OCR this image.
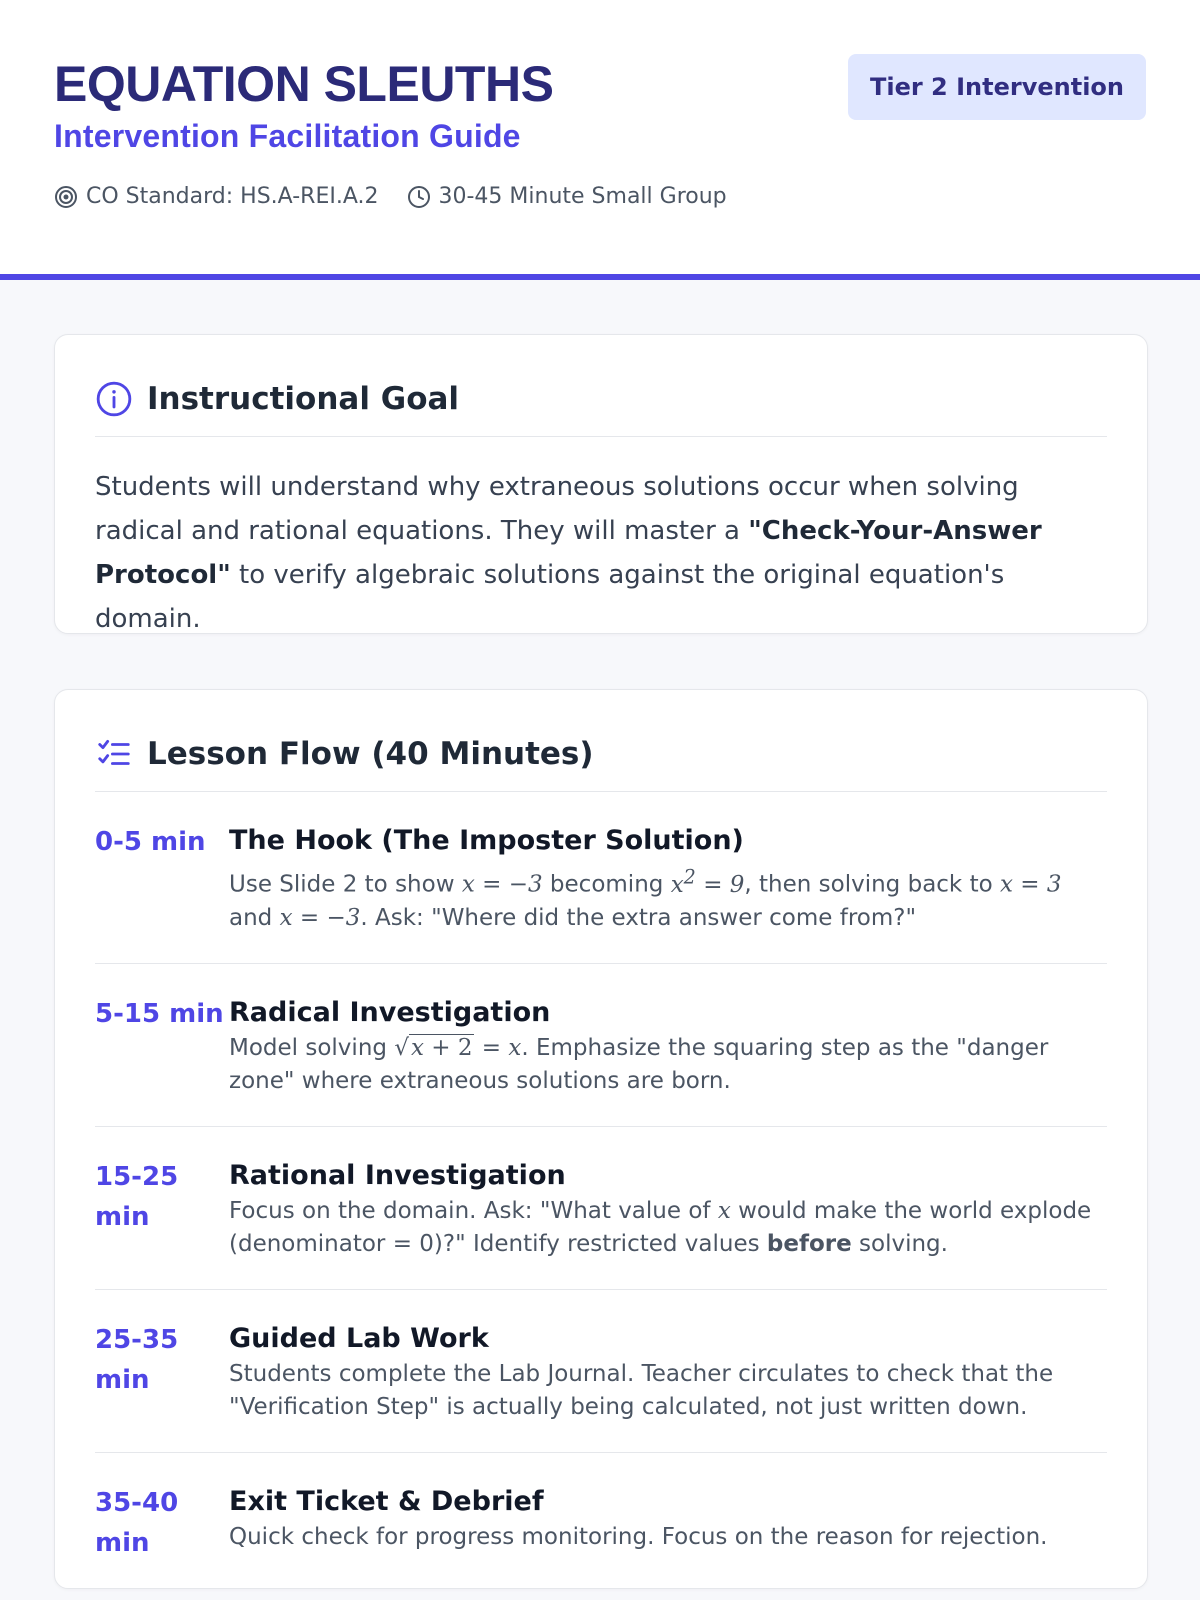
EQUATION SLEUTHS
Intervention Facilitation Guide
CO Standard: HS.A-REI.A.2	30-45 Minute Small Group
Tier 2 Intervention
Instructional Goal

Students will understand why extraneous solutions occur when solving radical and rational equations. They will master a "Check-Your-Answer Protocol" to verify algebraic solutions against the original equation's domain.

Lesson Flow (40 Minutes)
0-5 min The Hook (The Imposter Solution)
Use Slide 2 to show x = −3 becoming $x^2 = 9$, then solving back to x = 3 and x = −3. Ask: "Where did the extra answer come from?"
5-15 min Radical Investigation
Model solving √x + 2 = x. Emphasize the squaring step as the "danger zone" where extraneous solutions are born.
15-25 min
Rational Investigation
Focus on the domain. Ask: "What value of x would make the world explode (denominator = 0)?" Identify restricted values before solving.
25-35 min
Guided Lab Work
Students complete the Lab Journal. Teacher circulates to check that the "Verification Step" is actually being calculated, not just written down.
35-40 min
Exit Ticket & Debrief
Quick check for progress monitoring. Focus on the reason for rejection.
